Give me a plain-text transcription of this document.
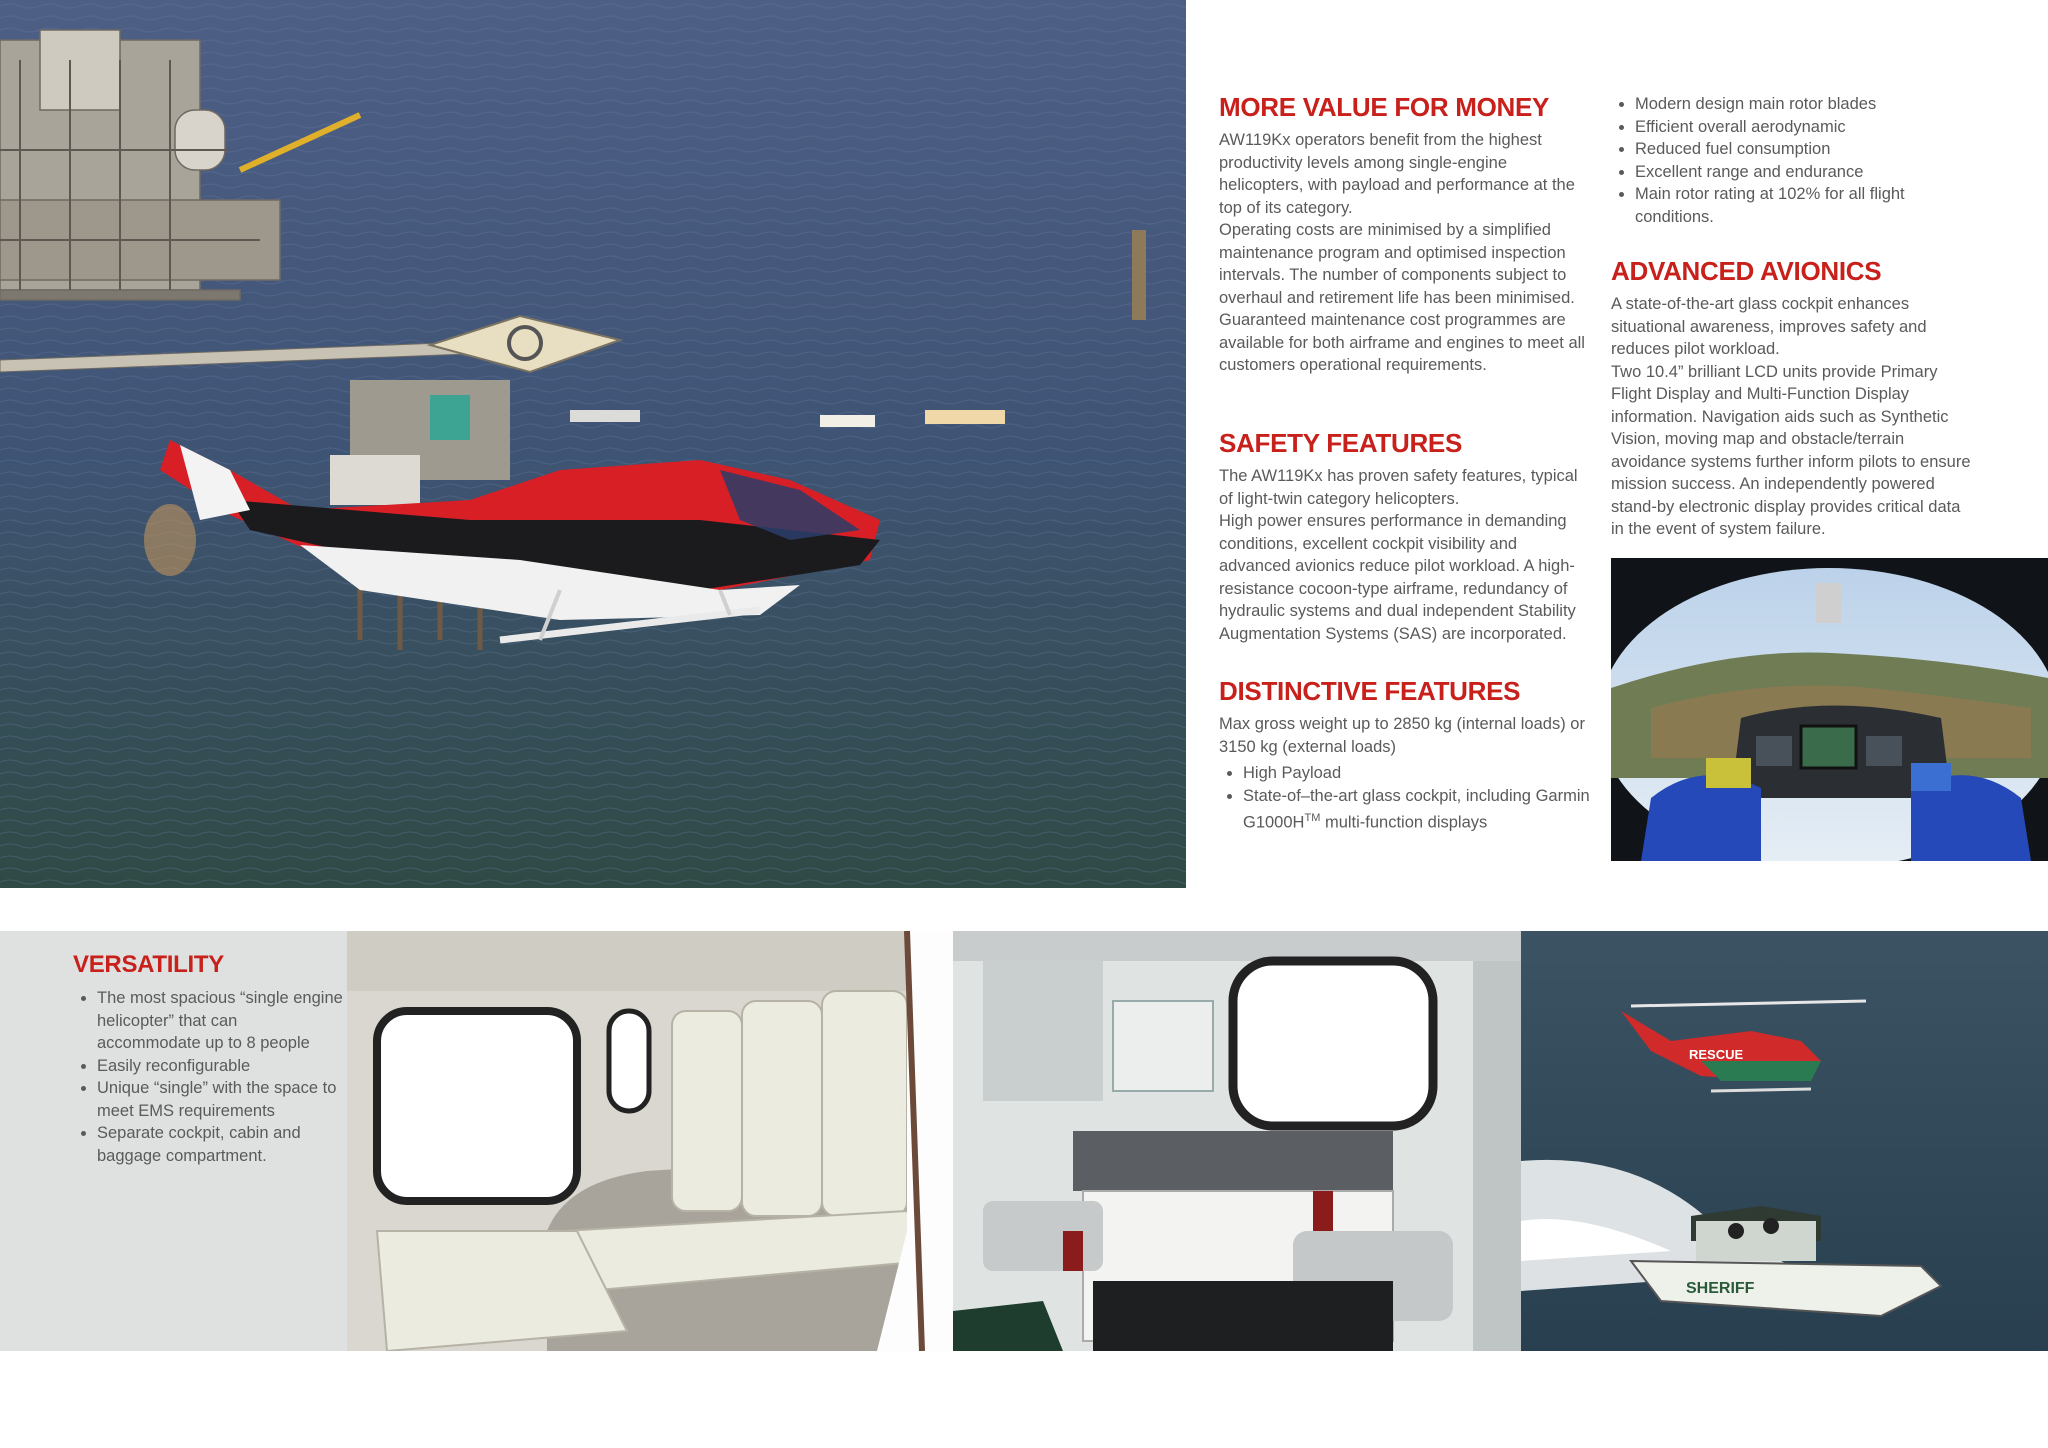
MORE VALUE FOR MONEY

AW119Kx operators benefit from the highest productivity levels among single-engine helicopters, with payload and performance at the top of its category.

Operating costs are minimised by a simplified maintenance program and optimised inspection intervals. The number of components subject to overhaul and retirement life has been minimised.

Guaranteed maintenance cost programmes are available for both airframe and engines to meet all customers operational requirements.

SAFETY FEATURES

The AW119Kx has proven safety features, typical of light-twin category helicopters.

High power ensures performance in demanding conditions, excellent cockpit visibility and advanced avionics reduce pilot workload. A high-resistance cocoon-type airframe, redundancy of hydraulic systems and dual independent Stability Augmentation Systems (SAS) are incorporated.

DISTINCTIVE FEATURES

Max gross weight up to 2850 kg (internal loads) or 3150 kg (external loads)

• High Payload
• State-of–the-art glass cockpit, including Garmin G1000H™ multi-function displays
• Modern design main rotor blades
• Efficient overall aerodynamic
• Reduced fuel consumption
• Excellent range and endurance
• Main rotor rating at 102% for all flight conditions.
ADVANCED AVIONICS

A state-of-the-art glass cockpit enhances situational awareness, improves safety and reduces pilot workload.

Two 10.4” brilliant LCD units provide Primary Flight Display and Multi-Function Display information. Navigation aids such as Synthetic Vision, moving map and obstacle/terrain avoidance systems further inform pilots to ensure mission success. An independently powered stand-by electronic display provides critical data in the event of system failure.

VERSATILITY
• The most spacious “single engine helicopter” that can accommodate up to 8 people
• Easily reconfigurable
• Unique “single” with the space to meet EMS requirements
• Separate cockpit, cabin and baggage compartment.
RESCUE
SHERIFF
